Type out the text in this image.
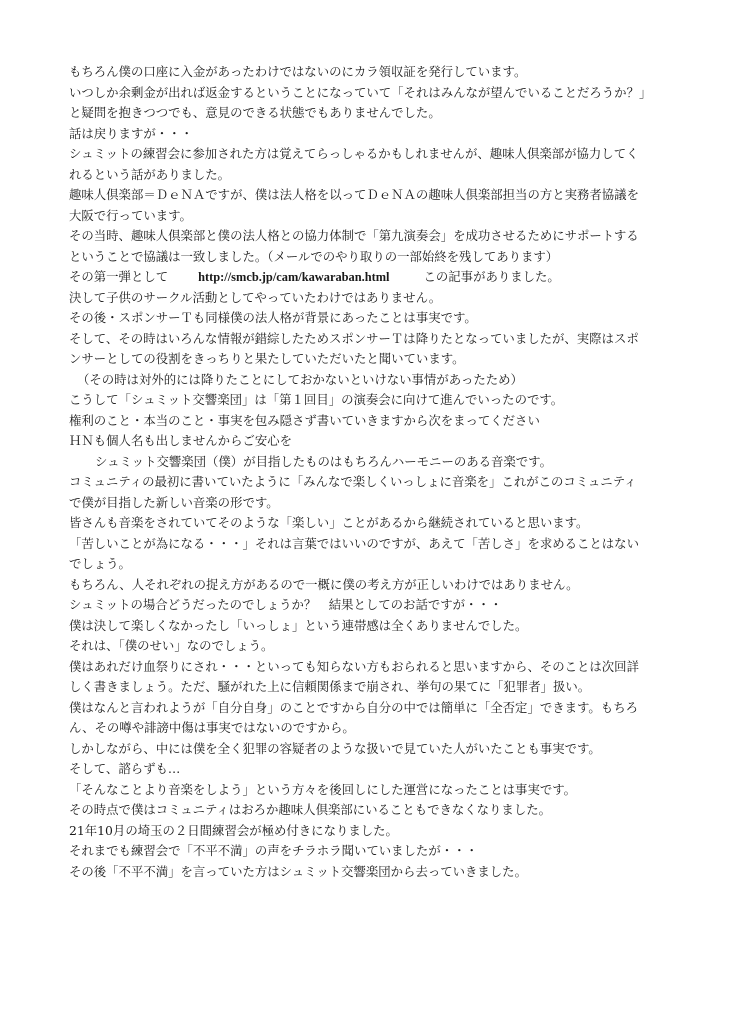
もちろん僕の口座に入金があったわけではないのにカラ領収証を発行しています。
いつしか余剰金が出れば返金するということになっていて「それはみんなが望んでいることだろうか？」
と疑問を抱きつつでも、意見のできる状態でもありませんでした。
話は戻りますが・・・
シュミットの練習会に参加された方は覚えてらっしゃるかもしれませんが、趣味人倶楽部が協力してく
れるという話がありました。
趣味人倶楽部＝ＤｅＮＡですが、僕は法人格を以ってＤｅＮＡの趣味人倶楽部担当の方と実務者協議を
大阪で行っています。
その当時、趣味人倶楽部と僕の法人格との協力体制で「第九演奏会」を成功させるためにサポートする
ということで協議は一致しました。（メールでのやり取りの一部始終を残してあります）
その第一弾として http://smcb.jp/cam/kawaraban.html	この記事がありました。
決して子供のサークル活動としてやっていたわけではありません。
その後・スポンサーＴも同様僕の法人格が背景にあったことは事実です。
そして、その時はいろんな情報が錯綜したためスポンサーＴは降りたとなっていましたが、実際はスポ
ンサーとしての役割をきっちりと果たしていただいたと聞いています。
（その時は対外的には降りたことにしておかないといけない事情があったため）
こうして「シュミット交響楽団」は「第１回目」の演奏会に向けて進んでいったのです。
権利のこと・本当のこと・事実を包み隠さず書いていきますから次をまってください
ＨＮも個人名も出しませんからご安心を
シュミット交響楽団（僕）が目指したものはもちろんハーモニーのある音楽です。
コミュニティの最初に書いていたように「みんなで楽しくいっしょに音楽を」これがこのコミュニティ
で僕が目指した新しい音楽の形です。
皆さんも音楽をされていてそのような「楽しい」ことがあるから継続されていると思います。
「苦しいことが為になる・・・」それは言葉ではいいのですが、あえて「苦しさ」を求めることはない
でしょう。
もちろん、人それぞれの捉え方があるので一概に僕の考え方が正しいわけではありません。
シュミットの場合どうだったのでしょうか？　結果としてのお話ですが・・・
僕は決して楽しくなかったし「いっしょ」という連帯感は全くありませんでした。
それは、「僕のせい」なのでしょう。
僕はあれだけ血祭りにされ・・・といっても知らない方もおられると思いますから、そのことは次回詳
しく書きましょう。ただ、騒がれた上に信頼関係まで崩され、挙句の果てに「犯罪者」扱い。
僕はなんと言われようが「自分自身」のことですから自分の中では簡単に「全否定」できます。もちろ
ん、その噂や誹謗中傷は事実ではないのですから。
しかしながら、中には僕を全く犯罪の容疑者のような扱いで見ていた人がいたことも事実です。
そして、諮らずも…
「そんなことより音楽をしよう」という方々を後回しにした運営になったことは事実です。
その時点で僕はコミュニティはおろか趣味人倶楽部にいることもできなくなりました。
21年10月の埼玉の２日間練習会が極め付きになりました。
それまでも練習会で「不平不満」の声をチラホラ聞いていましたが・・・
その後「不平不満」を言っていた方はシュミット交響楽団から去っていきました。
